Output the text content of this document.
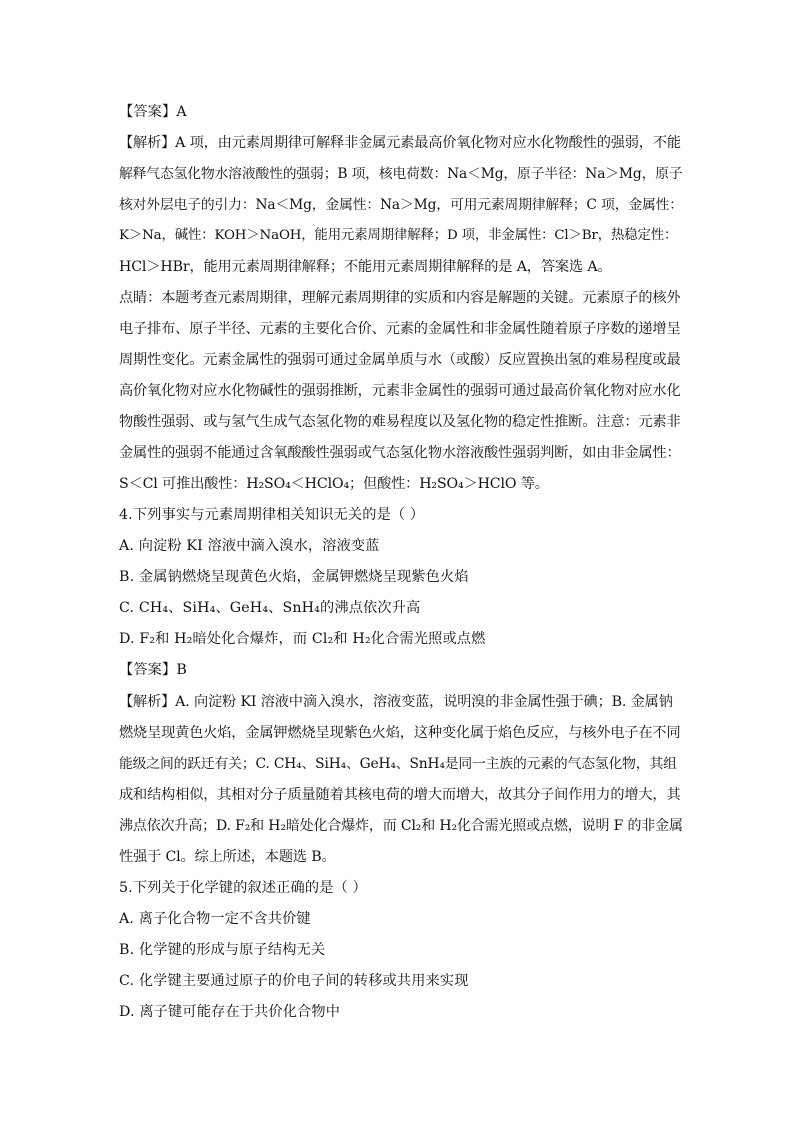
【答案】A
【解析】A 项，由元素周期律可解释非金属元素最高价氧化物对应水化物酸性的强弱，不能
解释气态氢化物水溶液酸性的强弱；B 项，核电荷数：Na＜Mg，原子半径：Na＞Mg，原子
核对外层电子的引力：Na＜Mg，金属性：Na＞Mg，可用元素周期律解释；C 项，金属性：
K＞Na，碱性：KOH＞NaOH，能用元素周期律解释；D 项，非金属性：Cl＞Br，热稳定性：
HCl＞HBr，能用元素周期律解释；不能用元素周期律解释的是 A，答案选 A。
点睛：本题考查元素周期律，理解元素周期律的实质和内容是解题的关键。元素原子的核外
电子排布、原子半径、元素的主要化合价、元素的金属性和非金属性随着原子序数的递增呈
周期性变化。元素金属性的强弱可通过金属单质与水（或酸）反应置换出氢的难易程度或最
高价氧化物对应水化物碱性的强弱推断，元素非金属性的强弱可通过最高价氧化物对应水化
物酸性强弱、或与氢气生成气态氢化物的难易程度以及氢化物的稳定性推断。注意：元素非
金属性的强弱不能通过含氧酸酸性强弱或气态氢化物水溶液酸性强弱判断，如由非金属性：
S＜Cl 可推出酸性：H₂SO₄＜HClO₄；但酸性：H₂SO₄＞HClO 等。
4.下列事实与元素周期律相关知识无关的是（ ）
A. 向淀粉 KI 溶液中滴入溴水，溶液变蓝
B. 金属钠燃烧呈现黄色火焰，金属钾燃烧呈现紫色火焰
C. CH₄、SiH₄、GeH₄、SnH₄的沸点依次升高
D. F₂和 H₂暗处化合爆炸，而 Cl₂和 H₂化合需光照或点燃
【答案】B
【解析】A. 向淀粉 KI 溶液中滴入溴水，溶液变蓝，说明溴的非金属性强于碘；B. 金属钠
燃烧呈现黄色火焰，金属钾燃烧呈现紫色火焰，这种变化属于焰色反应，与核外电子在不同
能级之间的跃迁有关；C. CH₄、SiH₄、GeH₄、SnH₄是同一主族的元素的气态氢化物，其组
成和结构相似，其相对分子质量随着其核电荷的增大而增大，故其分子间作用力的增大，其
沸点依次升高；D. F₂和 H₂暗处化合爆炸，而 Cl₂和 H₂化合需光照或点燃，说明 F 的非金属
性强于 Cl。综上所述，本题选 B。
5.下列关于化学键的叙述正确的是（ ）
A. 离子化合物一定不含共价键
B. 化学键的形成与原子结构无关
C. 化学键主要通过原子的价电子间的转移或共用来实现
D. 离子键可能存在于共价化合物中
